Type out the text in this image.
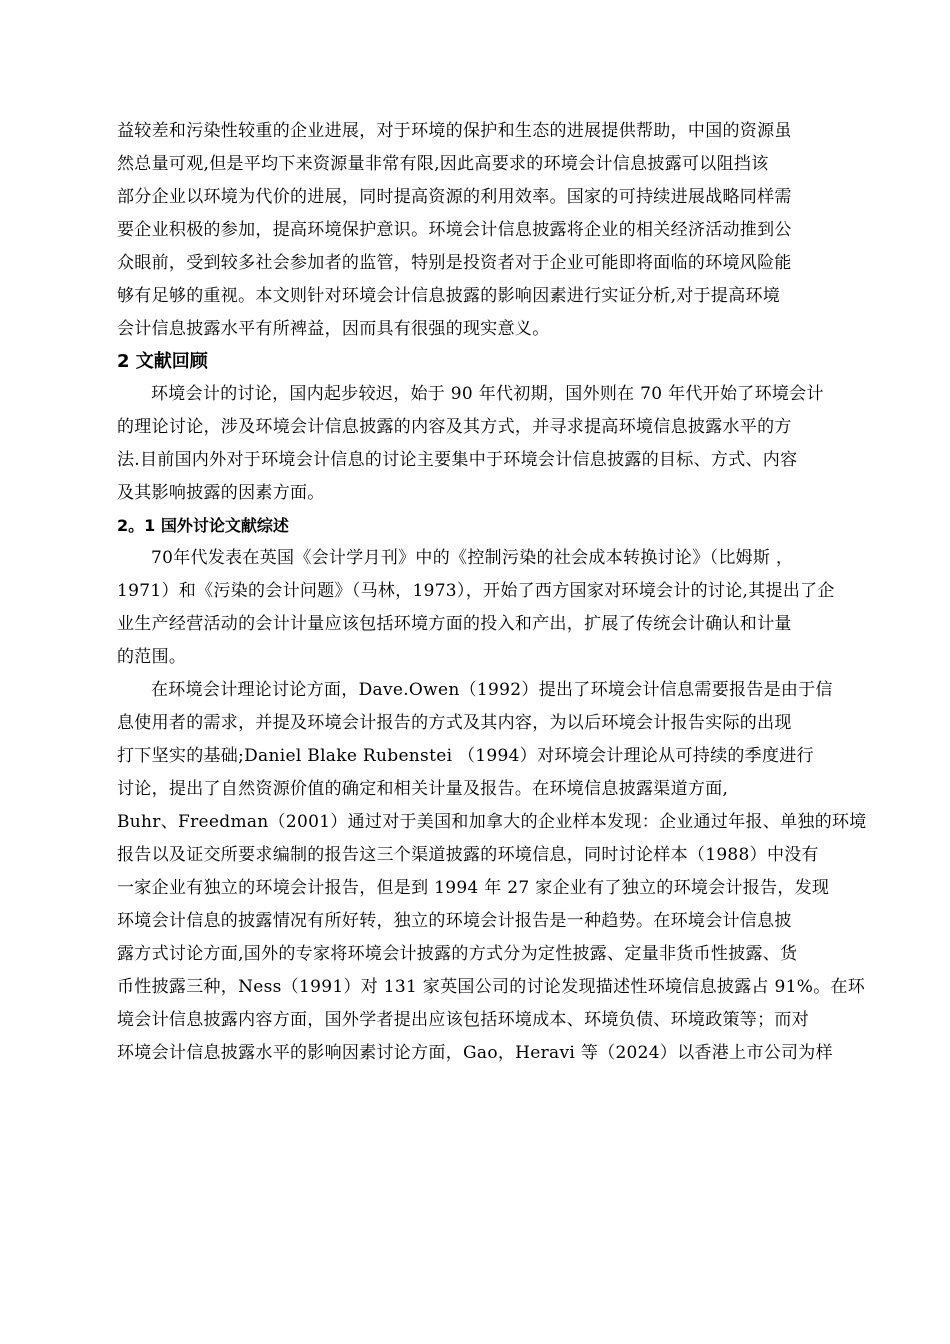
益较差和污染性较重的企业进展，对于环境的保护和生态的进展提供帮助，中国的资源虽
然总量可观,但是平均下来资源量非常有限,因此高要求的环境会计信息披露可以阻挡该
部分企业以环境为代价的进展，同时提高资源的利用效率。国家的可持续进展战略同样需
要企业积极的参加，提高环境保护意识。环境会计信息披露将企业的相关经济活动推到公
众眼前，受到较多社会参加者的监管，特别是投资者对于企业可能即将面临的环境风险能
够有足够的重视。本文则针对环境会计信息披露的影响因素进行实证分析,对于提高环境
会计信息披露水平有所裨益，因而具有很强的现实意义。
2 文献回顾
环境会计的讨论，国内起步较迟，始于 90 年代初期，国外则在 70 年代开始了环境会计
的理论讨论，涉及环境会计信息披露的内容及其方式，并寻求提高环境信息披露水平的方
法.目前国内外对于环境会计信息的讨论主要集中于环境会计信息披露的目标、方式、内容
及其影响披露的因素方面。
2。1 国外讨论文献综述
70年代发表在英国《会计学月刊》中的《控制污染的社会成本转换讨论》（比姆斯 ，
1971）和《污染的会计问题》（马林，1973），开始了西方国家对环境会计的讨论,其提出了企
业生产经营活动的会计计量应该包括环境方面的投入和产出，扩展了传统会计确认和计量
的范围。
在环境会计理论讨论方面，Dave.Owen（1992）提出了环境会计信息需要报告是由于信
息使用者的需求，并提及环境会计报告的方式及其内容，为以后环境会计报告实际的出现
打下坚实的基础;Daniel Blake Rubenstei （1994）对环境会计理论从可持续的季度进行
讨论，提出了自然资源价值的确定和相关计量及报告。在环境信息披露渠道方面,
Buhr、Freedman（2001）通过对于美国和加拿大的企业样本发现：企业通过年报、单独的环境
报告以及证交所要求编制的报告这三个渠道披露的环境信息，同时讨论样本（1988）中没有
一家企业有独立的环境会计报告，但是到 1994 年 27 家企业有了独立的环境会计报告，发现
环境会计信息的披露情况有所好转，独立的环境会计报告是一种趋势。在环境会计信息披
露方式讨论方面,国外的专家将环境会计披露的方式分为定性披露、定量非货币性披露、货
币性披露三种，Ness（1991）对 131 家英国公司的讨论发现描述性环境信息披露占 91%。在环
境会计信息披露内容方面，国外学者提出应该包括环境成本、环境负债、环境政策等；而对
环境会计信息披露水平的影响因素讨论方面，Gao，Heravi 等（2024）以香港上市公司为样
